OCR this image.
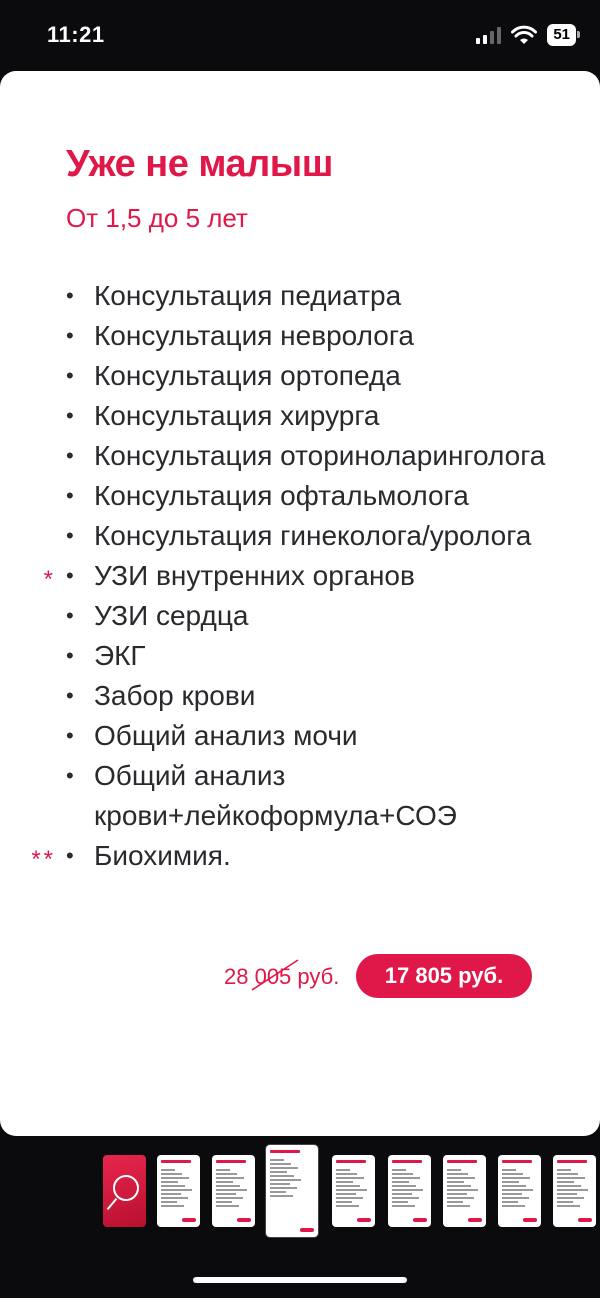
11:21	51
Уже не малыш
От 1,5 до 5 лет
• Консультация педиатра
• Консультация невролога
• Консультация ортопеда
• Консультация хирурга
• Консультация оториноларинголога
• Консультация офтальмолога
• Консультация гинеколога/уролога
* • УЗИ внутренних органов
• УЗИ сердца
• ЭКГ
• Забор крови
• Общий анализ мочи
• Общий анализ
крови+лейкоформула+СОЭ
** • Биохимия.
28 005 руб.	17 805 руб.
